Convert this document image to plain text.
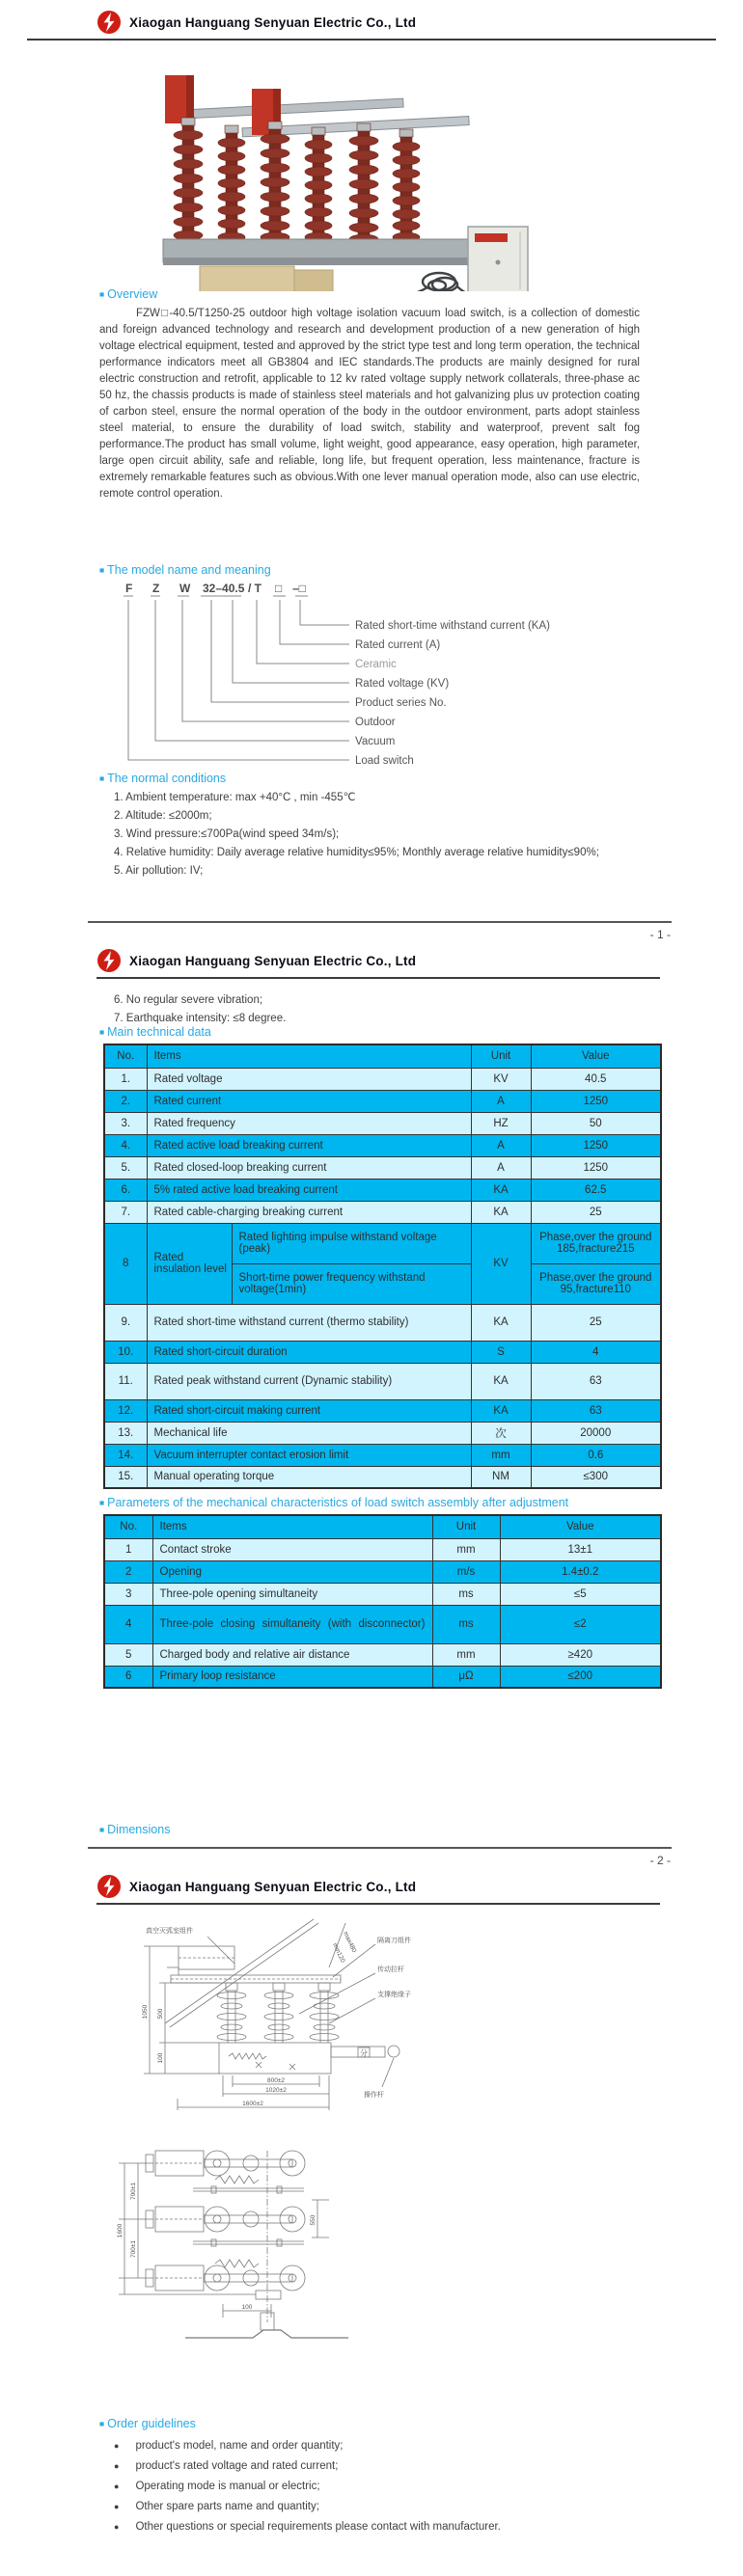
Xiaogan Hanguang Senyuan Electric Co., Ltd
■ Overview
FZW□-40.5/T1250-25 outdoor high voltage isolation vacuum load switch, is a collection of domestic and foreign advanced technology and research and development production of a new generation of high voltage electrical equipment, tested and approved by the strict type test and long term operation, the technical performance indicators meet all GB3804 and IEC standards.The products are mainly designed for rural electric construction and retrofit, applicable to 12 kv rated voltage supply network collaterals, three-phase ac 50 hz, the chassis products is made of stainless steel materials and hot galvanizing plus uv protection coating of carbon steel, ensure the normal operation of the body in the outdoor environment, parts adopt stainless steel material, to ensure the durability of load switch, stability and waterproof, prevent salt fog performance.The product has small volume, light weight, good appearance, easy operation, high parameter, large open circuit ability, safe and reliable, long life, but frequent operation, less maintenance, fracture is extremely remarkable features such as obvious.With one lever manual operation mode, also can use electric, remote control operation.
■ The model name and meaning
F Z W 32–40.5 / T □ –□
Rated short-time withstand current (KA)
Rated current (A)
Ceramic
Rated voltage (KV)
Product series No.
Outdoor
Vacuum
Load switch
■ The normal conditions
1. Ambient temperature: max +40°C , min -455℃
2. Altitude: ≤2000m;
3. Wind pressure:≤700Pa(wind speed 34m/s);
4. Relative humidity: Daily average relative humidity≤95%; Monthly average relative humidity≤90%;
5. Air pollution: IV;
- 1 -
Xiaogan Hanguang Senyuan Electric Co., Ltd
6. No regular severe vibration;
7. Earthquake intensity: ≤8 degree.
■ Main technical data
No.	Items		Unit	Value
1.	Rated voltage		KV	40.5
2.	Rated current		A	1250
3.	Rated frequency		HZ	50
4.	Rated active load breaking current		A	1250
5.	Rated closed-loop breaking current		A	1250
6.	5% rated active load breaking current		KA	62.5
7.	Rated cable-charging breaking current		KA	25
8	Rated insulation level	Rated lighting impulse withstand voltage (peak)	KV	Phase,over the ground 185,fracture215
		Short-time power frequency withstand voltage(1min)		Phase,over the ground 95,fracture110
9.	Rated short-time withstand current (thermo stability)		KA	25
10.	Rated short-circuit duration		S	4
11.	Rated peak withstand current (Dynamic stability)		KA	63
12.	Rated short-circuit making current		KA	63
13.	Mechanical life		次	20000
14.	Vacuum interrupter contact erosion limit		mm	0.6
15.	Manual operating torque		NM	≤300
■ Parameters of the mechanical characteristics of load switch assembly after adjustment
No.	Items	Unit	Value
1	Contact stroke	mm	13±1
2	Opening	m/s	1.4±0.2
3	Three-pole opening simultaneity	ms	≤5
4	Three-pole closing simultaneity (with disconnector)	ms	≤2
5	Charged body and relative air distance	mm	≥420
6	Primary loop resistance	μΩ	≤200
■ Dimensions
- 2 -
Xiaogan Hanguang Senyuan Electric Co., Ltd
真空灭弧室组件
隔离刀组件
传动拉杆
支撑绝缘子
操作杆
分
1050 500
100
800±2
1020±2
1600±2
max480
min120
1600
700±1
700±1
550
100
■ Order guidelines
● product's model, name and order quantity;
● product's rated voltage and rated current;
● Operating mode is manual or electric;
● Other spare parts name and quantity;
● Other questions or special requirements please contact with manufacturer.
